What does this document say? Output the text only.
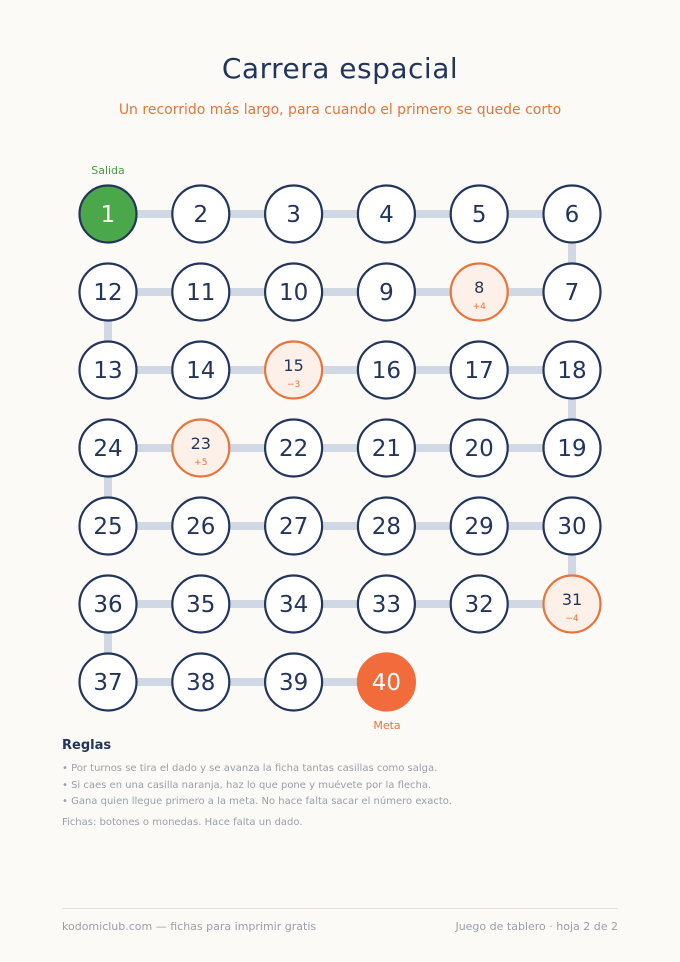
Carrera espacial
Un recorrido más largo, para cuando el primero se quede corto
Salida
1	2	3	4	5	6
12	11	10	9	8
+4
7
13	14	15
−3
16	17	18
24	23
+5
22	21	20	19
25	26	27	28	29	30
36	35	34	33	32	31
−4
37	38	39	40
Meta
Reglas
• Por turnos se tira el dado y se avanza la ficha tantas casillas como salga.
• Si caes en una casilla naranja, haz lo que pone y muévete por la flecha.
• Gana quien llegue primero a la meta. No hace falta sacar el número exacto.
Fichas: botones o monedas. Hace falta un dado.
kodomiclub.com — fichas para imprimir gratis	Juego de tablero · hoja 2 de 2
